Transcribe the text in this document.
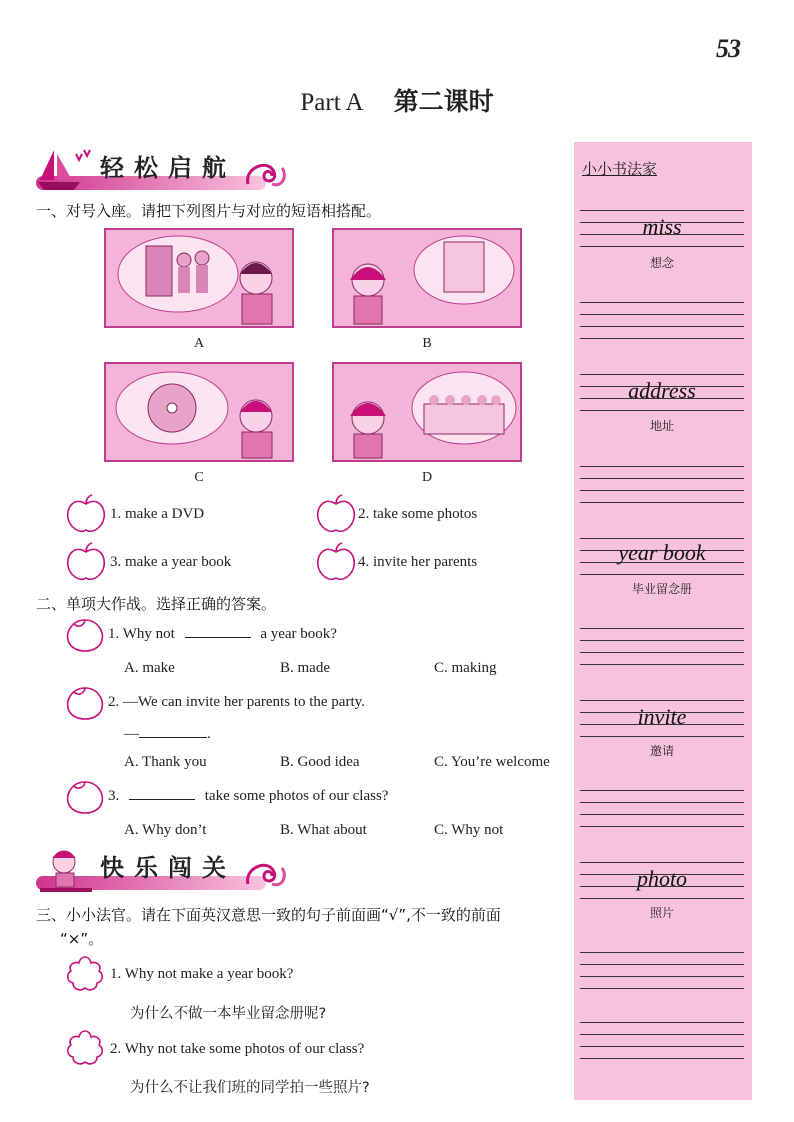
53
Part A 第二课时
轻松启航
一、对号入座。请把下列图片与对应的短语相搭配。
A	B
C	D
1. make a DVD	2. take some photos
3. make a year book	4. invite her parents
二、单项大作战。选择正确的答案。
1. Why not	a year book?
A. make	B. made	C. making
2. —We can invite her parents to the party.
—	.
A. Thank you	B. Good idea	C. You’re welcome
3.	take some photos of our class?
A. Why don’t	B. What about	C. Why not
快乐闯关
三、小小法官。请在下面英汉意思一致的句子前面画“√”,不一致的前面
“×”。
1. Why not make a year book?
为什么不做一本毕业留念册呢?
2. Why not take some photos of our class?
为什么不让我们班的同学拍一些照片?
小小书法家
miss
想念
address
地址
year book
毕业留念册
invite
邀请
photo
照片
